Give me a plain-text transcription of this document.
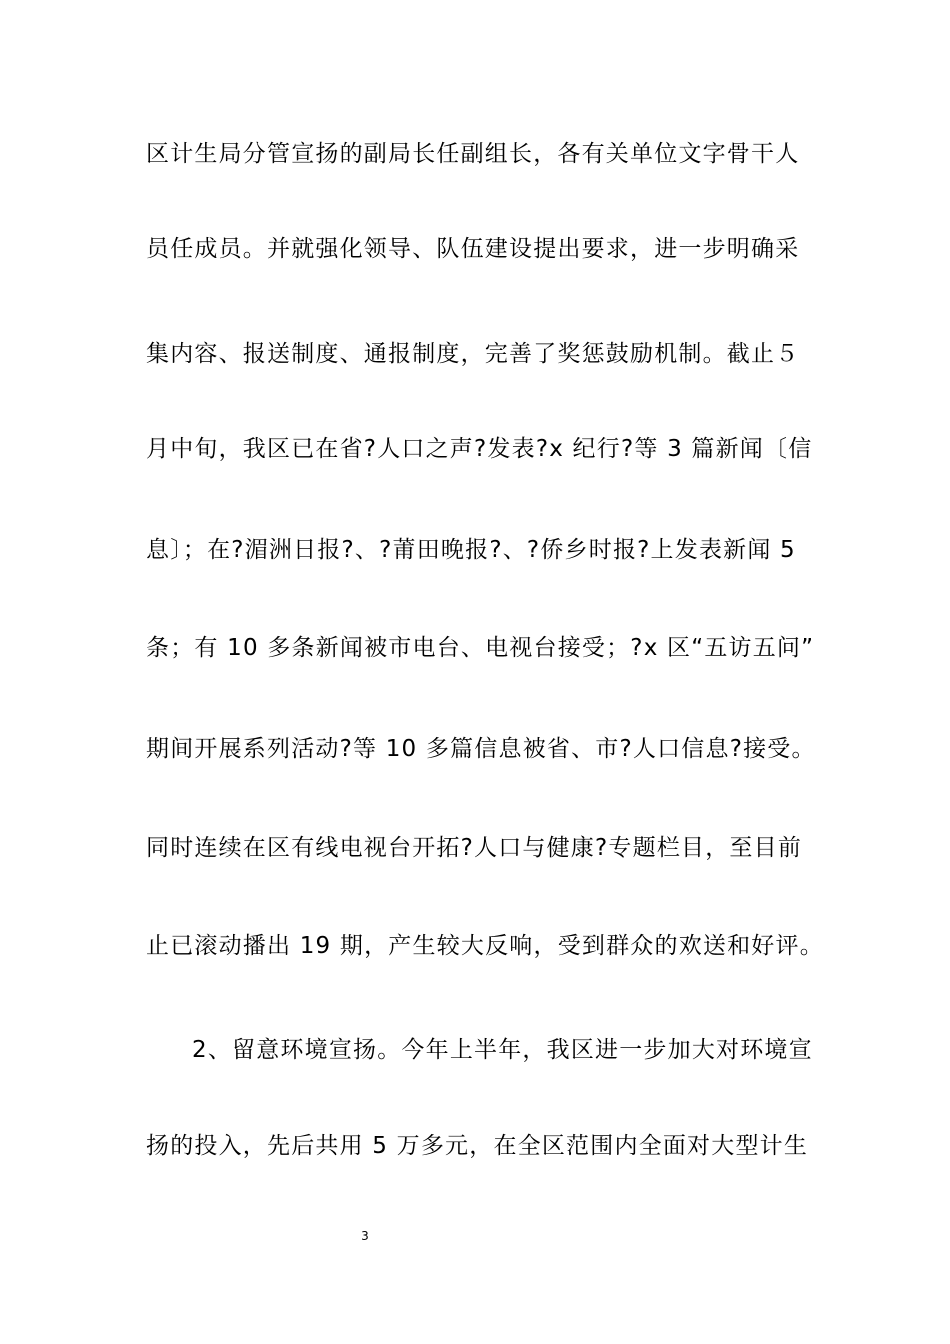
区计生局分管宣扬的副局长任副组长，各有关单位文字骨干人
员任成员。并就强化领导、队伍建设提出要求，进一步明确采
集内容、报送制度、通报制度，完善了奖惩鼓励机制。截止５
月中旬，我区已在省?人口之声?发表?x 纪行?等 3 篇新闻〔信
息〕；在?湄洲日报?、?莆田晚报?、?侨乡时报?上发表新闻 5
条；有 10 多条新闻被市电台、电视台接受；?x 区“五访五问”
期间开展系列活动?等 10 多篇信息被省、市?人口信息?接受。
同时连续在区有线电视台开拓?人口与健康?专题栏目，至目前
止已滚动播出 19 期，产生较大反响，受到群众的欢送和好评。
2、留意环境宣扬。今年上半年，我区进一步加大对环境宣
扬的投入，先后共用 5 万多元，在全区范围内全面对大型计生
3
